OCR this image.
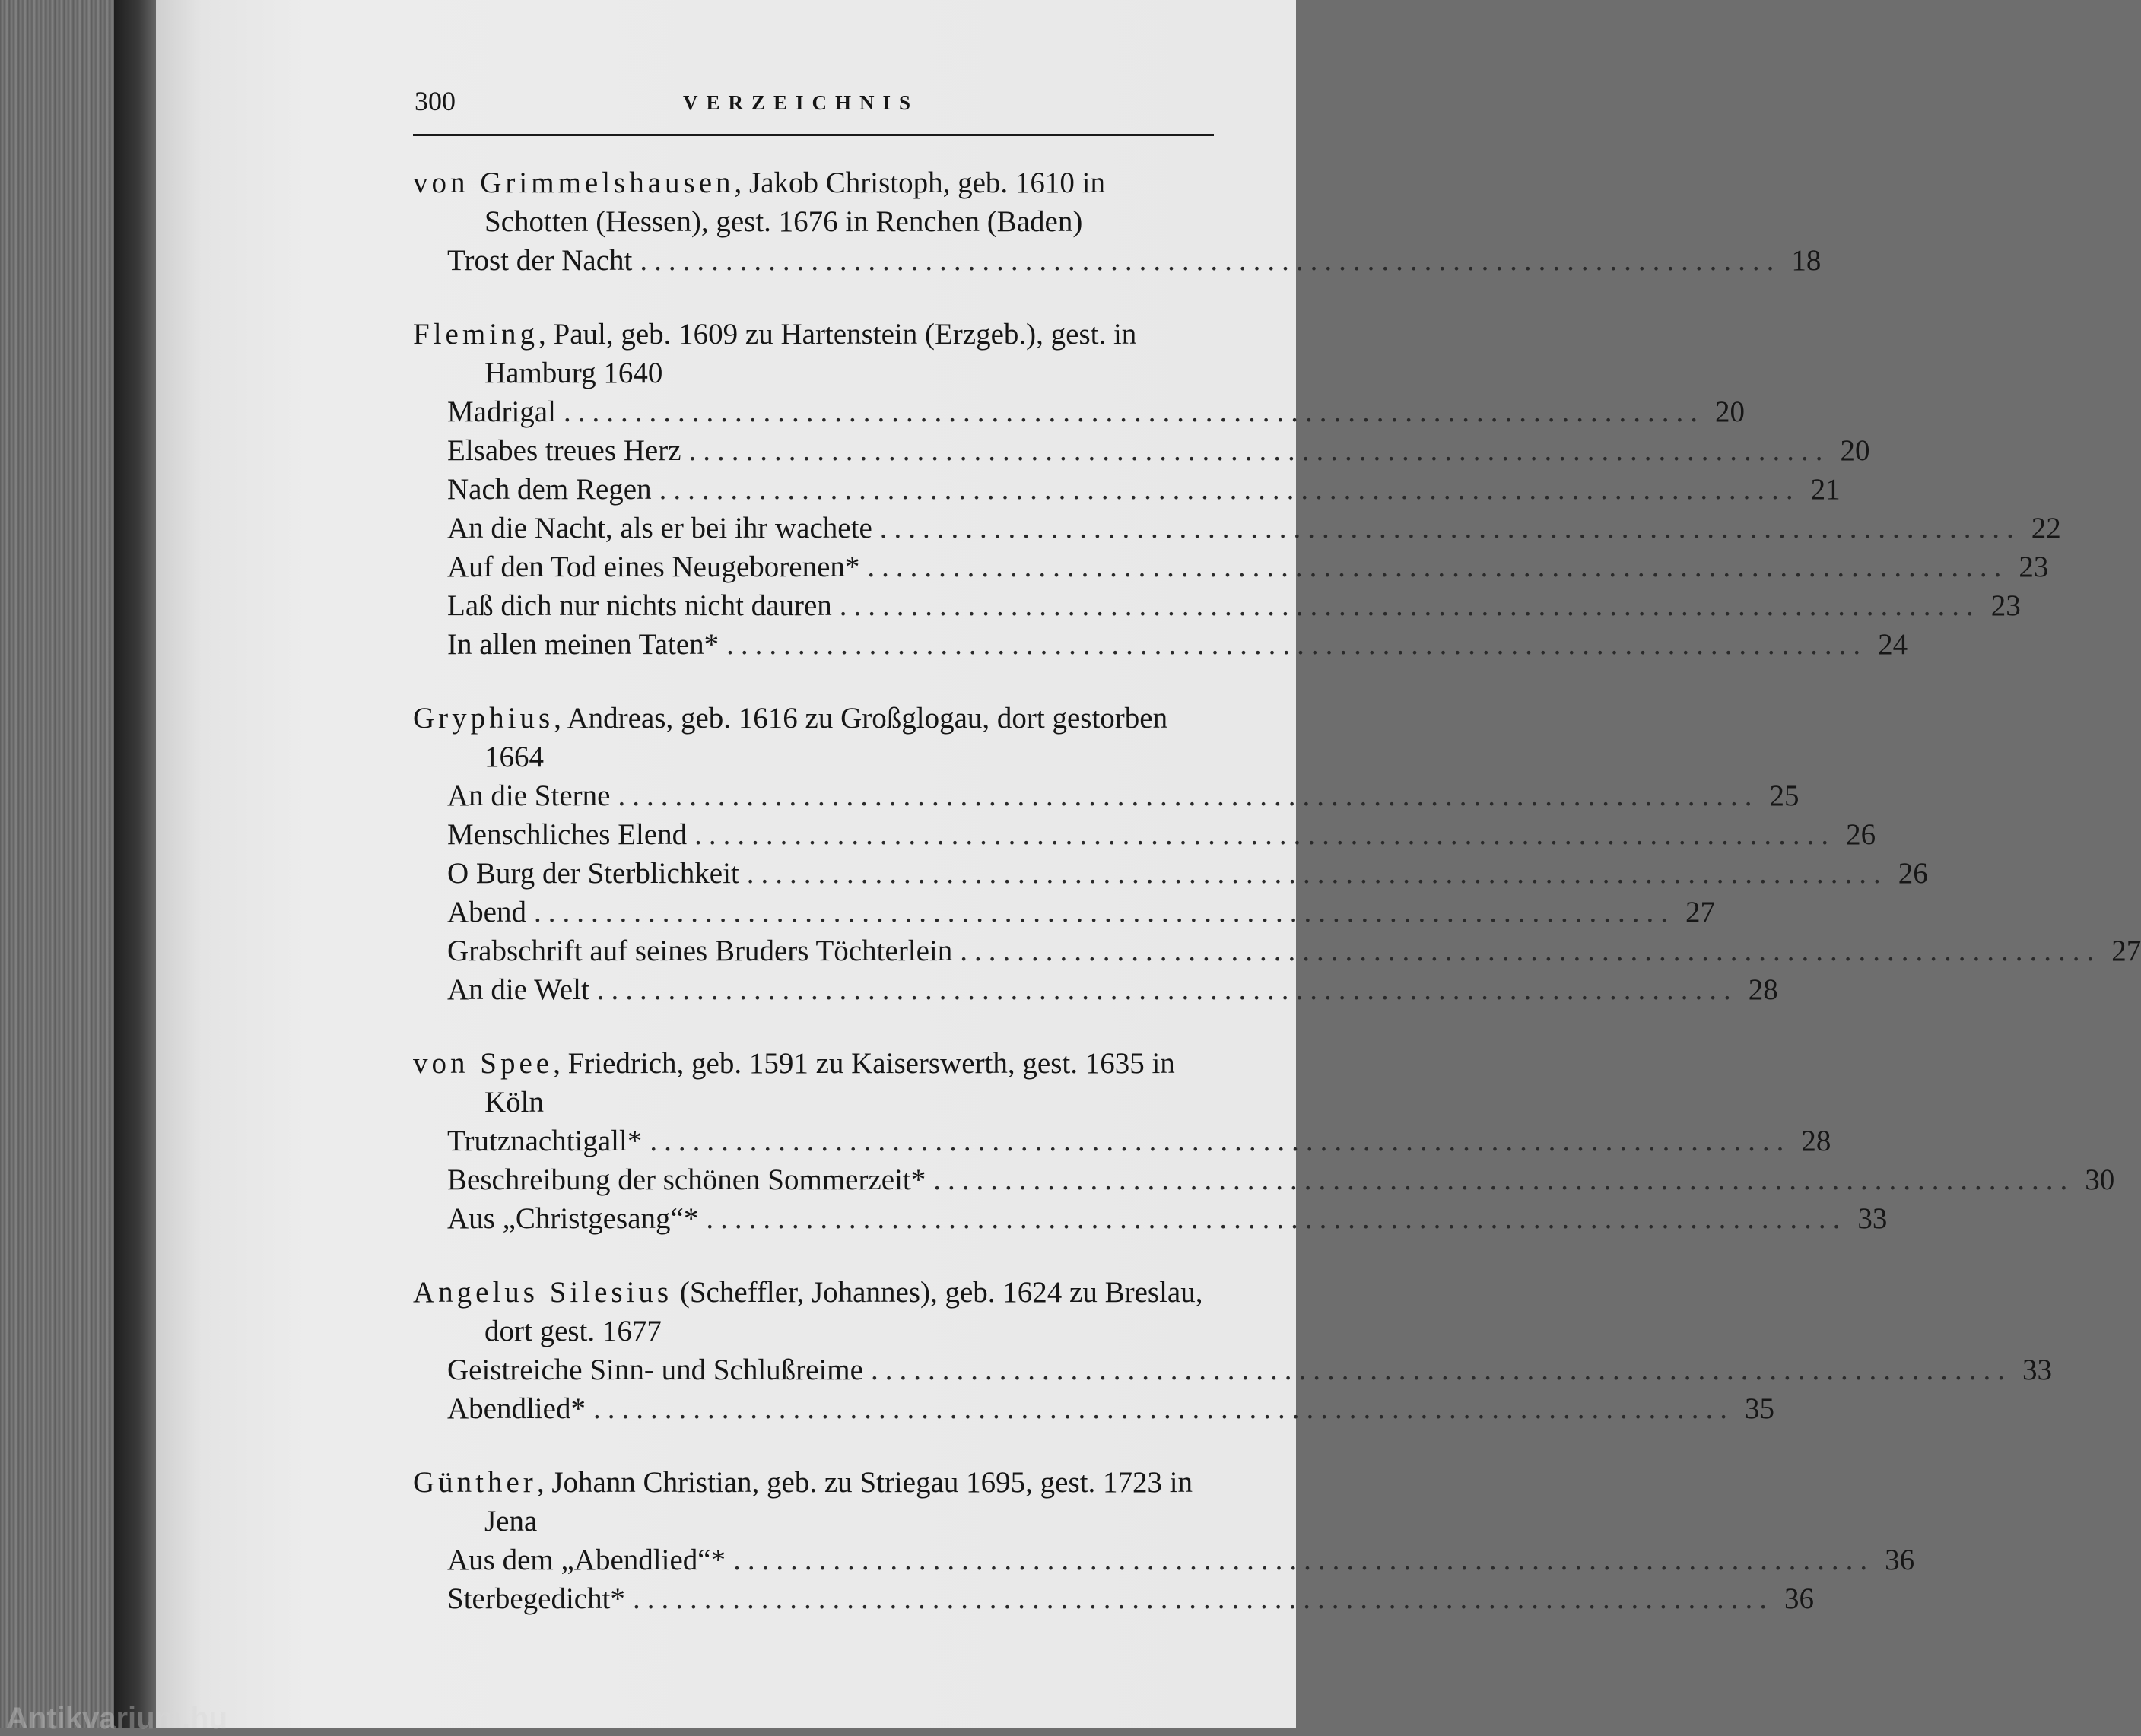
300	VERZEICHNIS
von Grimmelshausen, Jakob Christoph, geb. 1610 in Schotten (Hessen), gest. 1676 in Renchen (Baden)
Trost der Nacht ................................................................................ 18
Fleming, Paul, geb. 1609 zu Hartenstein (Erzgeb.), gest. in Hamburg 1640
Madrigal ................................................................................ 20
Elsabes treues Herz ................................................................................ 20
Nach dem Regen ................................................................................ 21
An die Nacht, als er bei ihr wachete ................................................................................ 22
Auf den Tod eines Neugeborenen* ................................................................................ 23
Laß dich nur nichts nicht dauren ................................................................................ 23
In allen meinen Taten* ................................................................................ 24
Gryphius, Andreas, geb. 1616 zu Großglogau, dort gestorben 1664
An die Sterne ................................................................................ 25
Menschliches Elend ................................................................................ 26
O Burg der Sterblichkeit ................................................................................ 26
Abend ................................................................................ 27
Grabschrift auf seines Bruders Töchterlein ................................................................................ 27
An die Welt ................................................................................ 28
von Spee, Friedrich, geb. 1591 zu Kaiserswerth, gest. 1635 in Köln
Trutznachtigall* ................................................................................ 28
Beschreibung der schönen Sommerzeit* ................................................................................ 30
Aus „Christgesang“* ................................................................................ 33
Angelus Silesius (Scheffler, Johannes), geb. 1624 zu Breslau, dort gest. 1677
Geistreiche Sinn- und Schlußreime ................................................................................ 33
Abendlied* ................................................................................ 35
Günther, Johann Christian, geb. zu Striegau 1695, gest. 1723 in Jena
Aus dem „Abendlied“* ................................................................................ 36
Sterbegedicht* ................................................................................ 36
Antikvarium.hu
